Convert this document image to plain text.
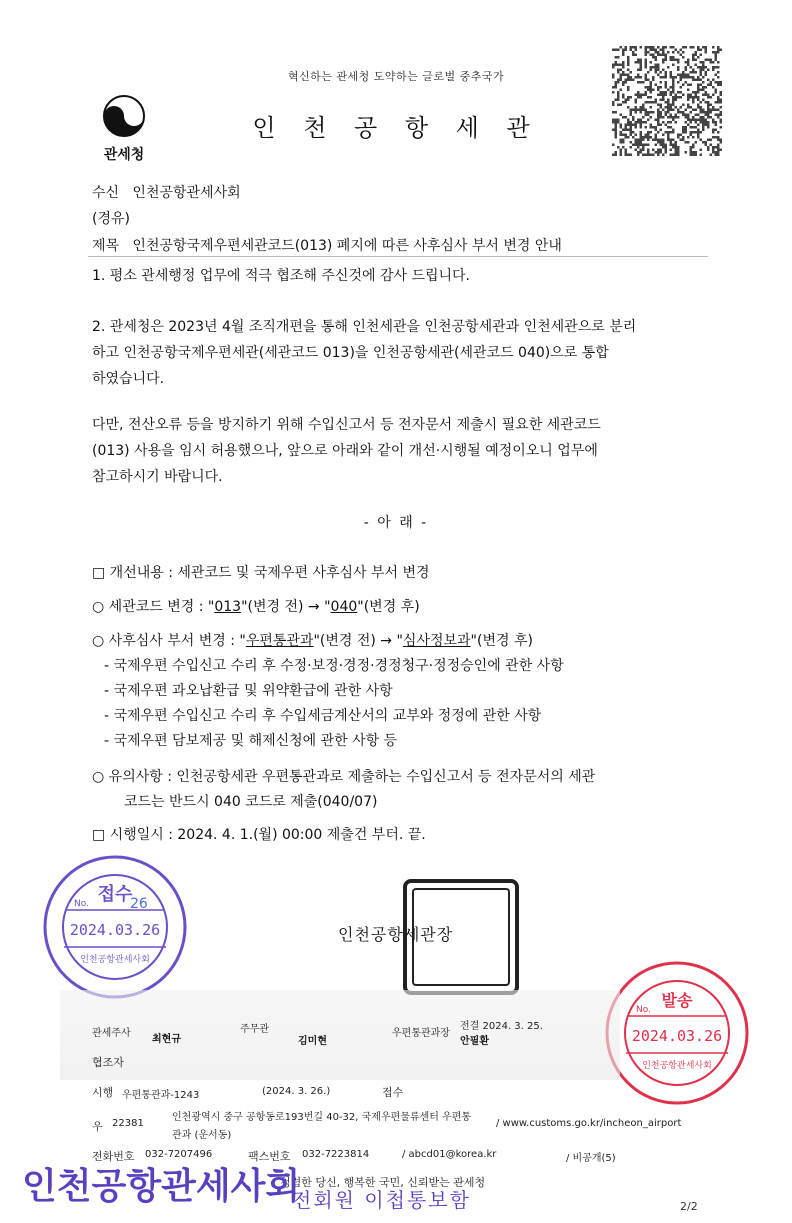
혁신하는 관세청 도약하는 글로벌 중추국가
인 천 공 항 세 관
관세청
수신 인천공항관세사회
(경유)
제목 인천공항국제우편세관코드(013) 폐지에 따른 사후심사 부서 변경 안내
1. 평소 관세행정 업무에 적극 협조해 주신것에 감사 드립니다.
2. 관세청은 2023년 4월 조직개편을 통해 인천세관을 인천공항세관과 인천세관으로 분리
하고 인천공항국제우편세관(세관코드 013)을 인천공항세관(세관코드 040)으로 통합
하였습니다.
다만, 전산오류 등을 방지하기 위해 수입신고서 등 전자문서 제출시 필요한 세관코드
(013) 사용을 임시 허용했으나, 앞으로 아래와 같이 개선·시행될 예정이오니 업무에
참고하시기 바랍니다.
- 아 래 -
□ 개선내용 : 세관코드 및 국제우편 사후심사 부서 변경
○ 세관코드 변경 : "013"(변경 전) → "040"(변경 후)
○ 사후심사 부서 변경 : "우편통관과"(변경 전) → "심사정보과"(변경 후)
- 국제우편 수입신고 수리 후 수정·보정·경정·경정청구·정정승인에 관한 사항
- 국제우편 과오납환급 및 위약환급에 관한 사항
- 국제우편 수입신고 수리 후 수입세금계산서의 교부와 정정에 관한 사항
- 국제우편 담보제공 및 해제신청에 관한 사항 등
○ 유의사항 : 인천공항세관 우편통관과로 제출하는 수입신고서 등 전자문서의 세관
코드는 반드시 040 코드로 제출(040/07)
□ 시행일시 : 2024. 4. 1.(월) 00:00 제출건 부터. 끝.
접수
No.	26
2024.03.26
인천공항관세사회
인천공항세관장
발송
No.
2024.03.26
인천공항관세사회
관세주사
최현규
주무관
김미현
우편통관과장
전결 2024. 3. 25.
안필환
협조자
시행 우편통관과-1243	(2024. 3. 26.)	접수
우 22381
인천광역시 중구 공항동로193번길 40-32, 국제우편물류센터 우편통
관과 (운서동)
/ www.customs.go.kr/incheon_airport
전화번호 032-7207496	팩스번호 032-7223814	/ abcd01@korea.kr	/ 비공개(5)
청렴한 당신, 행복한 국민, 신뢰받는 관세청
인천공항관세사회
전회원 이첩통보함	2/2
